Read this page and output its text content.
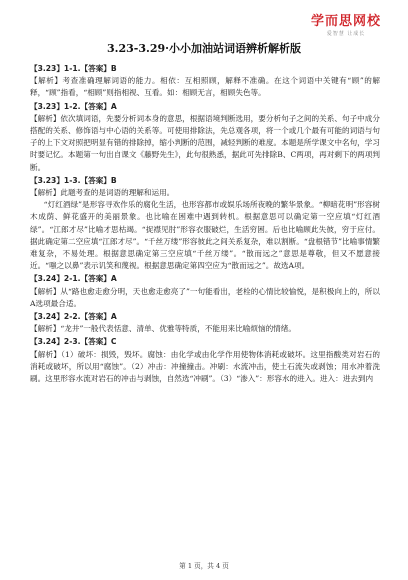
学而思网校
爱智慧 让成长
3.23-3.29·小小加油站词语辨析解析版
【3.23】1-1.【答案】B

【解析】考查准确理解词语的能力。相依：互相照顾，解释不准确。在这个词语中关键有“顾”的解释，“顾”指看，“相顾”则指相视、互看。如：相顾无言，相顾失色等。

【3.23】1-2.【答案】A

【解析】依次填词语，先要分析词本身的意思，根据语境判断选用，要分析句子之间的关系、句子中成分搭配的关系、修饰语与中心语的关系等。可使用排除法，先总观各项，将一个或几个最有可能的词语与句子的上下文对照把明显有错的排除掉，缩小判断的范围，减轻判断的难度。本题是所学课文中名句，学习时要记忆。本题第一句出自课文《藤野先生》，此句很熟悉，据此可先排除B、C两项，再对剩下的两项判断。

【3.23】1-3.【答案】B

【解析】此题考查的是词语的理解和运用。

“灯红酒绿”是形容寻欢作乐的腐化生活，也形容都市或娱乐场所夜晚的繁华景象。“柳暗花明”形容树木成荫、鲜花盛开的美丽景象。也比喻在困难中遇到转机。根据意思可以确定第一空应填“灯红酒绿”。“江郎才尽”比喻才思枯竭。“捉襟见肘”形容衣服破烂，生活穷困。后也比喻顾此失彼，穷于应付。据此确定第二空应填“江郎才尽”。“千丝万缕”形容彼此之间关系复杂，难以割断。“盘根错节”比喻事情繁难复杂，不易处理。根据意思确定第三空应填“千丝万缕”。“散而远之”意思是尊敬，但又不愿意接近。“嗤之以鼻”表示讥笑和蔑视。根据意思确定第四空应为“散而远之”。故选A项。

【3.24】2-1.【答案】A

【解析】从“路也愈走愈分明，天也愈走愈亮了”一句能看出，老栓的心情比较愉悦，是积极向上的，所以A选项最合适。

【3.24】2-2.【答案】A

【解析】“龙井”一般代表恬意、清单、优雅等特质，不能用来比喻烦恼的情绪。

【3.24】2-3.【答案】C

【解析】（1）破坏：损毁，毁坏。腐蚀：由化学或由化学作用使物体消耗或破坏。这里指酸类对岩石的消耗或破坏，所以用“腐蚀”。（2）冲击：冲撞撞击。冲刷：水流冲击，使土石流失或剥蚀；用水冲着洗刷。这里形容水流对岩石的冲击与剥蚀，自然选“冲刷”。（3）“渗入”：形容水的进入。进入：进去到内

第 1 页，共 4 页
